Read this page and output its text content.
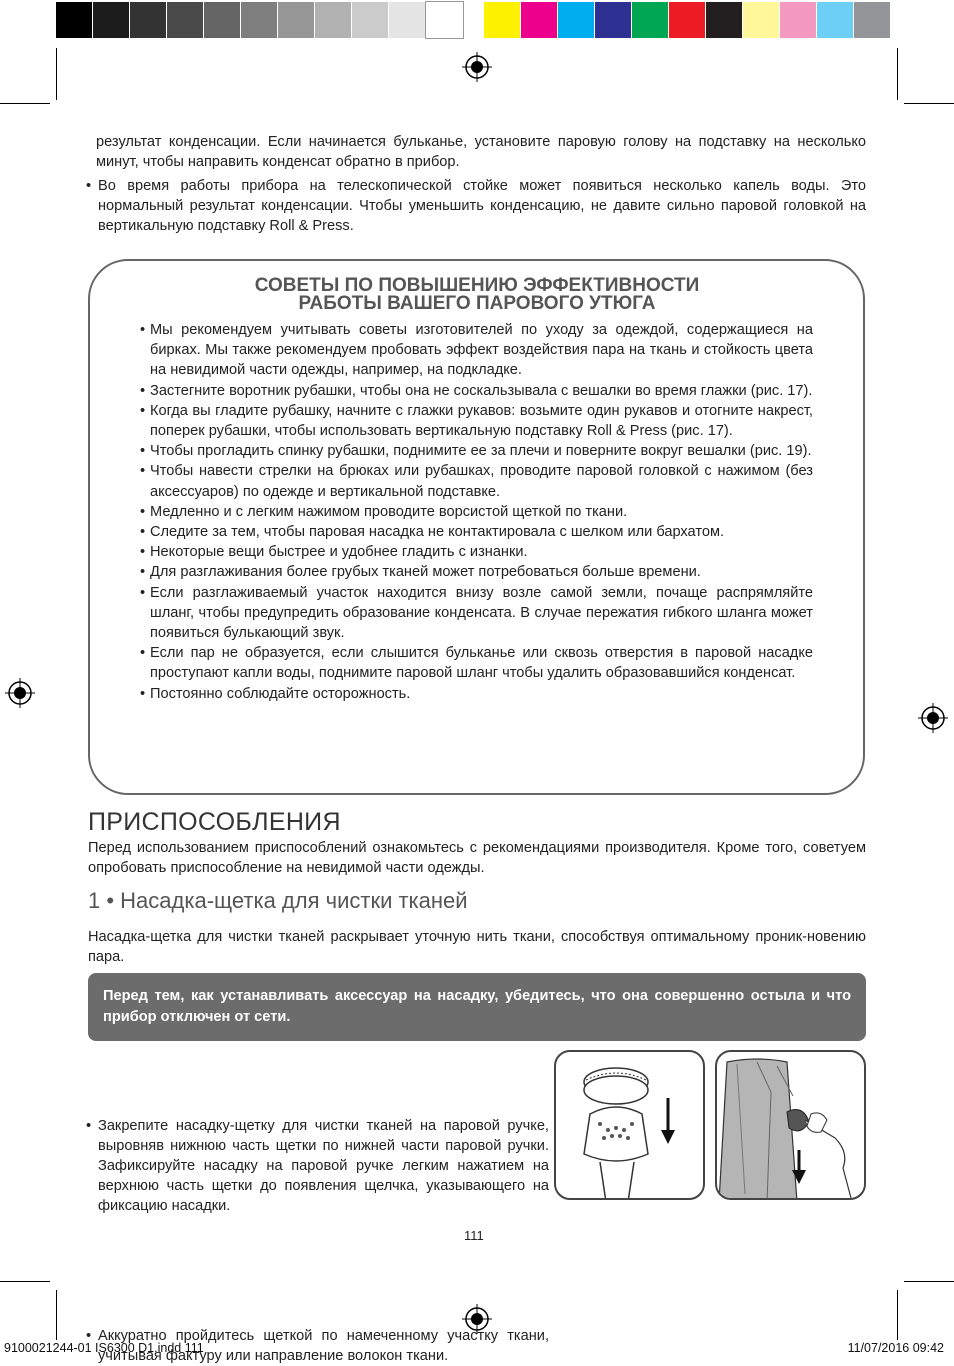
результат конденсации. Если начинается бульканье, установите паровую голову на подставку на несколько минут, чтобы направить конденсат обратно в прибор.
• Во время работы прибора на телескопической стойке может появиться несколько капель воды. Это нормальный результат конденсации. Чтобы уменьшить конденсацию, не давите сильно паровой головкой на вертикальную подставку Roll & Press.
СОВЕТЫ ПО ПОВЫШЕНИЮ ЭФФЕКТИВНОСТИ
РАБОТЫ ВАШЕГО ПАРОВОГО УТЮГА
• Мы рекомендуем учитывать советы изготовителей по уходу за одеждой, содержащиеся на бирках. Мы также рекомендуем пробовать эффект воздействия пара на ткань и стойкость цвета на невидимой части одежды, например, на подкладке.
• Застегните воротник рубашки, чтобы она не соскальзывала с вешалки во время глажки (рис. 17).
• Когда вы гладите рубашку, начните с глажки рукавов: возьмите один рукавов и отогните накрест, поперек рубашки, чтобы использовать вертикальную подставку Roll & Press (рис. 17).
• Чтобы прогладить спинку рубашки, поднимите ее за плечи и поверните вокруг вешалки (рис. 19).
• Чтобы навести стрелки на брюках или рубашках, проводите паровой головкой с нажимом (без аксессуаров) по одежде и вертикальной подставке.
• Медленно и с легким нажимом проводите ворсистой щеткой по ткани.
• Следите за тем, чтобы паровая насадка не контактировала с шелком или бархатом.
• Некоторые вещи быстрее и удобнее гладить с изнанки.
• Для разглаживания более грубых тканей может потребоваться больше времени.
• Если разглаживаемый участок находится внизу возле самой земли, почаще распрямляйте шланг, чтобы предупредить образование конденсата. В случае пережатия гибкого шланга может появиться булькающий звук.
• Если пар не образуется, если слышится бульканье или сквозь отверстия в паровой насадке проступают капли воды, поднимите паровой шланг чтобы удалить образовавшийся конденсат.
• Постоянно соблюдайте осторожность.
ПРИСПОСОБЛЕНИЯ
Перед использованием приспособлений ознакомьтесь с рекомендациями производителя. Кроме того, советуем опробовать приспособление на невидимой части одежды.
1 • Насадка-щетка для чистки тканей
Насадка-щетка для чистки тканей раскрывает уточную нить ткани, способствуя оптимальному проник-новению пара.
Перед тем, как устанавливать аксессуар на насадку, убедитесь, что она совершенно остыла и что прибор отключен от сети.
• Закрепите насадку-щетку для чистки тканей на паровой ручке, выровняв нижнюю часть щетки по нижней части паровой ручки. Зафиксируйте насадку на паровой ручке легким нажатием на верхнюю часть щетки до появления щелчка, указывающего на фиксацию насадки.
• Аккуратно пройдитесь щеткой по намеченному участку ткани, учитывая фактуру или направление волокон ткани.
111
9100021244-01 IS6300 D1.indd 111	11/07/2016 09:42
